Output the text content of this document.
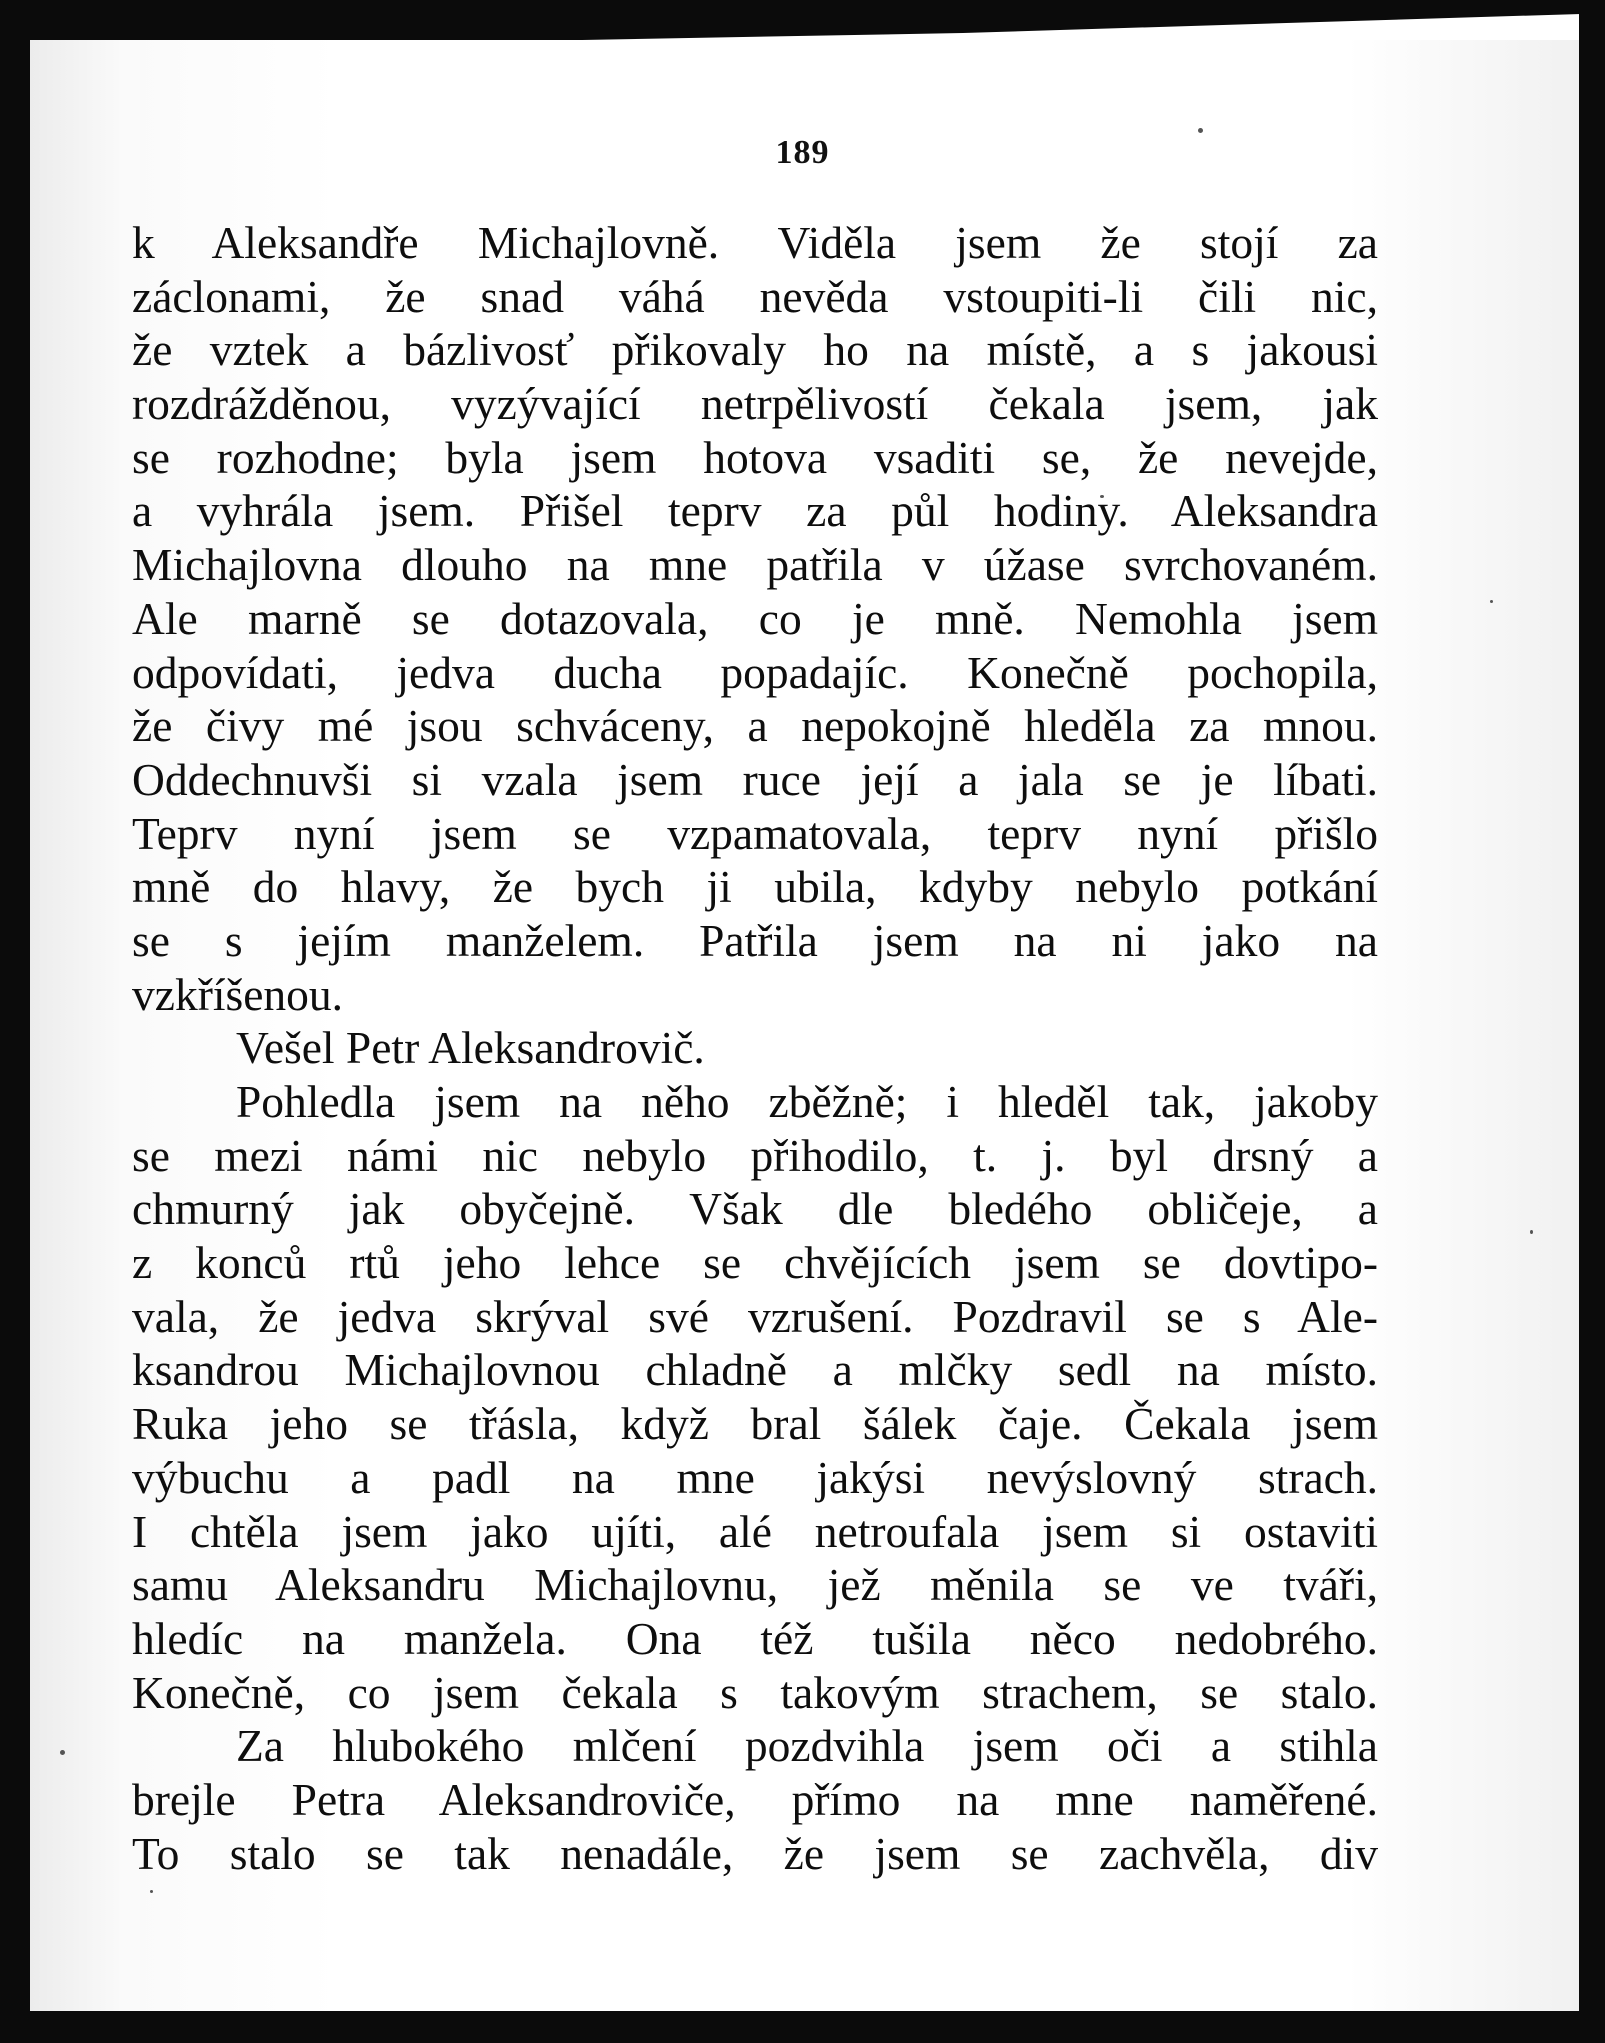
189
k Aleksandře Michajlovně. Viděla jsem že stojí za
záclonami, že snad váhá nevěda vstoupiti-li čili nic,
že vztek a bázlivosť přikovaly ho na místě, a s jakousi
rozdrážděnou, vyzývající netrpělivostí čekala jsem, jak
se rozhodne; byla jsem hotova vsaditi se, že nevejde,
a vyhrála jsem. Přišel teprv za půl hodiny. Aleksandra
Michajlovna dlouho na mne patřila v úžase svrchovaném.
Ale marně se dotazovala, co je mně. Nemohla jsem
odpovídati, jedva ducha popadajíc. Konečně pochopila,
že čivy mé jsou schváceny, a nepokojně hleděla za mnou.
Oddechnuvši si vzala jsem ruce její a jala se je líbati.
Teprv nyní jsem se vzpamatovala, teprv nyní přišlo
mně do hlavy, že bych ji ubila, kdyby nebylo potkání
se s jejím manželem. Patřila jsem na ni jako na
vzkříšenou.
Vešel Petr Aleksandrovič.
Pohledla jsem na něho zběžně; i hleděl tak, jakoby
se mezi námi nic nebylo přihodilo, t. j. byl drsný a
chmurný jak obyčejně. Však dle bledého obličeje, a
z konců rtů jeho lehce se chvějících jsem se dovtipo-
vala, že jedva skrýval své vzrušení. Pozdravil se s Ale-
ksandrou Michajlovnou chladně a mlčky sedl na místo.
Ruka jeho se třásla, když bral šálek čaje. Čekala jsem
výbuchu a padl na mne jakýsi nevýslovný strach.
I chtěla jsem jako ujíti, alé netroufala jsem si ostaviti
samu Aleksandru Michajlovnu, jež měnila se ve tváři,
hledíc na manžela. Ona též tušila něco nedobrého.
Konečně, co jsem čekala s takovým strachem, se stalo.
Za hlubokého mlčení pozdvihla jsem oči a stihla
brejle Petra Aleksandroviče, přímo na mne naměřené.
To stalo se tak nenadále, že jsem se zachvěla, div
